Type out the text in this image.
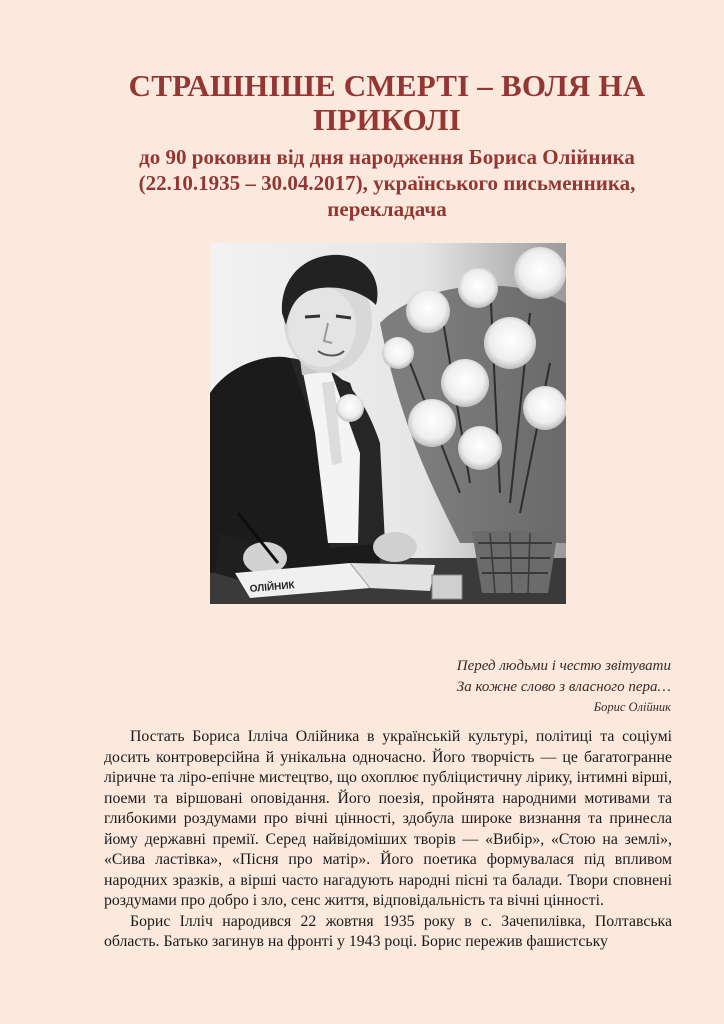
СТРАШНІШЕ СМЕРТІ – ВОЛЯ НА ПРИКОЛІ
до 90 роковин від дня народження Бориса Олійника
(22.10.1935 – 30.04.2017), українського письменника,
перекладача
ОЛІЙНИК
Перед людьми і честю звітувати
За кожне слово з власного пера…
Борис Олійник

Постать Бориса Ілліча Олійника в українській культурі, політиці та соціумі досить контроверсійна й унікальна одночасно. Його творчість — це багатогранне ліричне та ліро-епічне мистецтво, що охоплює публіцистичну лірику, інтимні вірші, поеми та віршовані оповідання. Його поезія, пройнята народними мотивами та глибокими роздумами про вічні цінності, здобула широке визнання та принесла йому державні премії. Серед найвідоміших творів — «Вибір», «Стою на землі», «Сива ластівка», «Пісня про матір». Його поетика формувалася під впливом народних зразків, а вірші часто нагадують народні пісні та балади. Твори сповнені роздумами про добро і зло, сенс життя, відповідальність та вічні цінності.

Борис Ілліч народився 22 жовтня 1935 року в с. Зачепилівка, Полтавська область. Батько загинув на фронті у 1943 році. Борис пережив фашистську
